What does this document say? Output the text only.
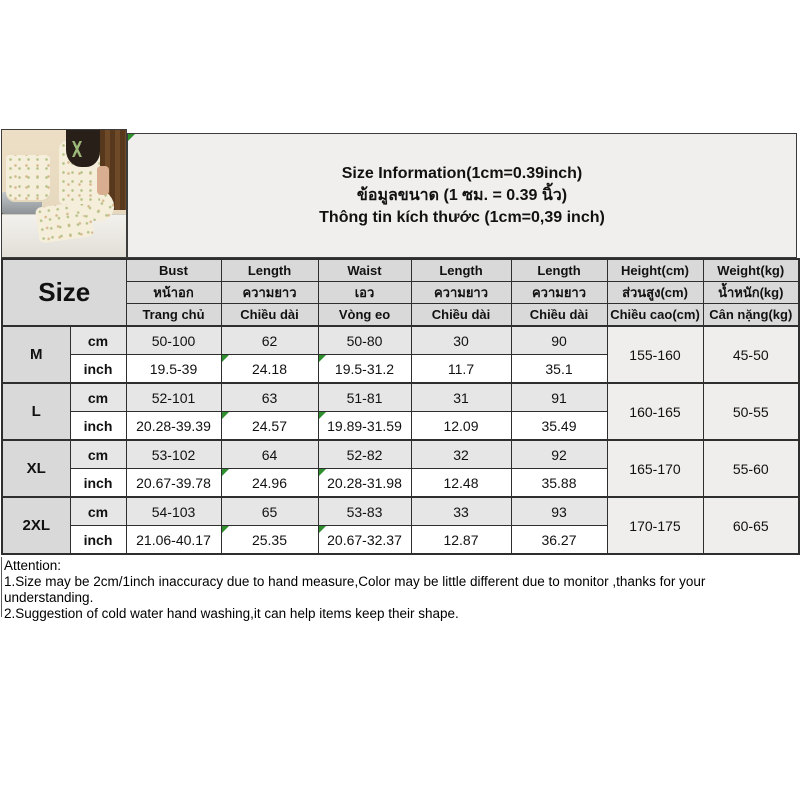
Size Information(1cm=0.39inch)
ข้อมูลขนาด (1 ซม. = 0.39 นิ้ว)
Thông tin kích thước (1cm=0,39 inch)
Size		Bust	Length	Waist	Length	Length	Height(cm)	Weight(kg)
		หน้าอก	ความยาว	เอว	ความยาว	ความยาว	ส่วนสูง(cm)	น้ำหนัก(kg)
		Trang chủ	Chiều dài	Vòng eo	Chiều dài	Chiều dài	Chiều cao(cm)	Cân nặng(kg)
M	cm	50-100	62	50-80	30	90	155-160	45-50
	inch	19.5-39	24.18	19.5-31.2	11.7	35.1		
L	cm	52-101	63	51-81	31	91	160-165	50-55
	inch	20.28-39.39	24.57	19.89-31.59	12.09	35.49		
XL	cm	53-102	64	52-82	32	92	165-170	55-60
	inch	20.67-39.78	24.96	20.28-31.98	12.48	35.88		
2XL	cm	54-103	65	53-83	33	93	170-175	60-65
	inch	21.06-40.17	25.35	20.67-32.37	12.87	36.27		
Attention:
1.Size may be 2cm/1inch inaccuracy due to hand measure,Color may be little different due to monitor ,thanks for your understanding.
2.Suggestion of cold water hand washing,it can help items keep their shape.
